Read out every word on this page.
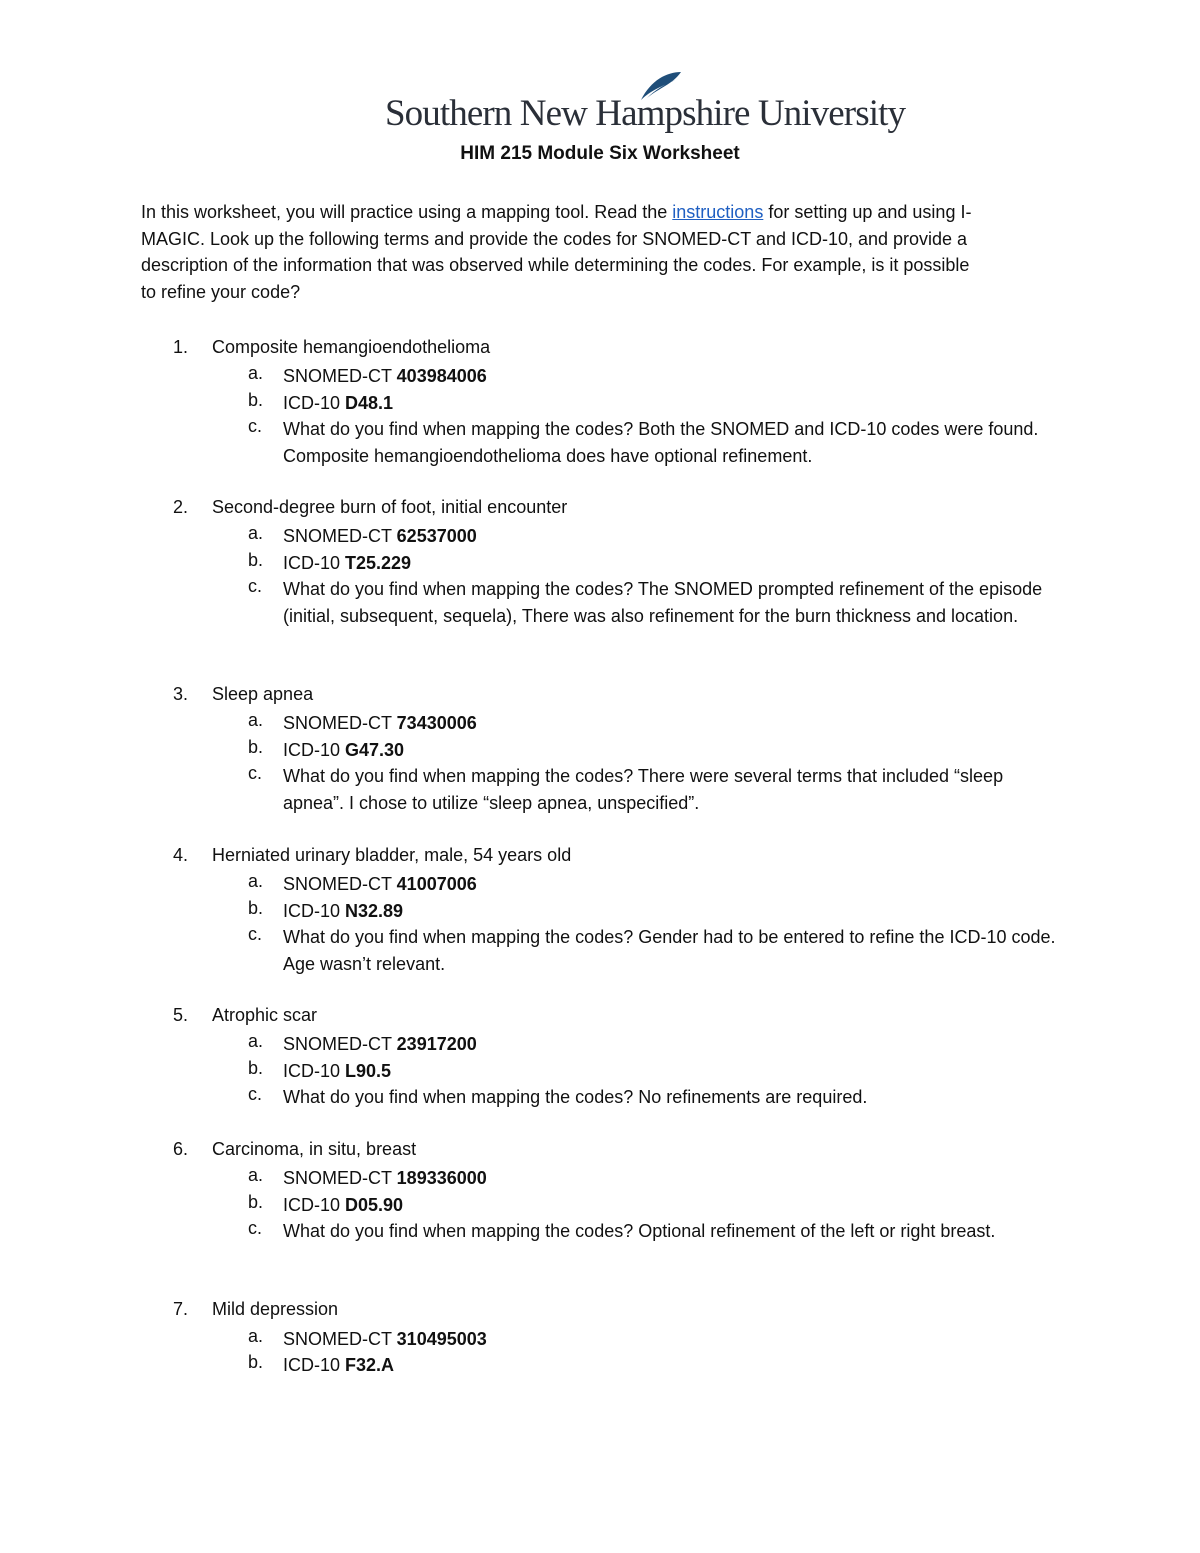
Southern New Hampshire University
HIM 215 Module Six Worksheet
In this worksheet, you will practice using a mapping tool. Read the instructions for setting up and using I-
MAGIC. Look up the following terms and provide the codes for SNOMED-CT and ICD-10, and provide a
description of the information that was observed while determining the codes. For example, is it possible
to refine your code?
1. Composite hemangioendothelioma
a. SNOMED-CT 403984006
b. ICD-10 D48.1
c. What do you find when mapping the codes? Both the SNOMED and ICD-10 codes were found. Composite hemangioendothelioma does have optional refinement.
2. Second-degree burn of foot, initial encounter
a. SNOMED-CT 62537000
b. ICD-10 T25.229
c. What do you find when mapping the codes? The SNOMED prompted refinement of the episode (initial, subsequent, sequela), There was also refinement for the burn thickness and location.
3. Sleep apnea
a. SNOMED-CT 73430006
b. ICD-10 G47.30
c. What do you find when mapping the codes? There were several terms that included “sleep apnea”. I chose to utilize “sleep apnea, unspecified”.
4. Herniated urinary bladder, male, 54 years old
a. SNOMED-CT 41007006
b. ICD-10 N32.89
c. What do you find when mapping the codes? Gender had to be entered to refine the ICD-10 code. Age wasn’t relevant.
5. Atrophic scar
a. SNOMED-CT 23917200
b. ICD-10 L90.5
c. What do you find when mapping the codes? No refinements are required.
6. Carcinoma, in situ, breast
a. SNOMED-CT 189336000
b. ICD-10 D05.90
c. What do you find when mapping the codes? Optional refinement of the left or right breast.
7. Mild depression
a. SNOMED-CT 310495003
b. ICD-10 F32.A
